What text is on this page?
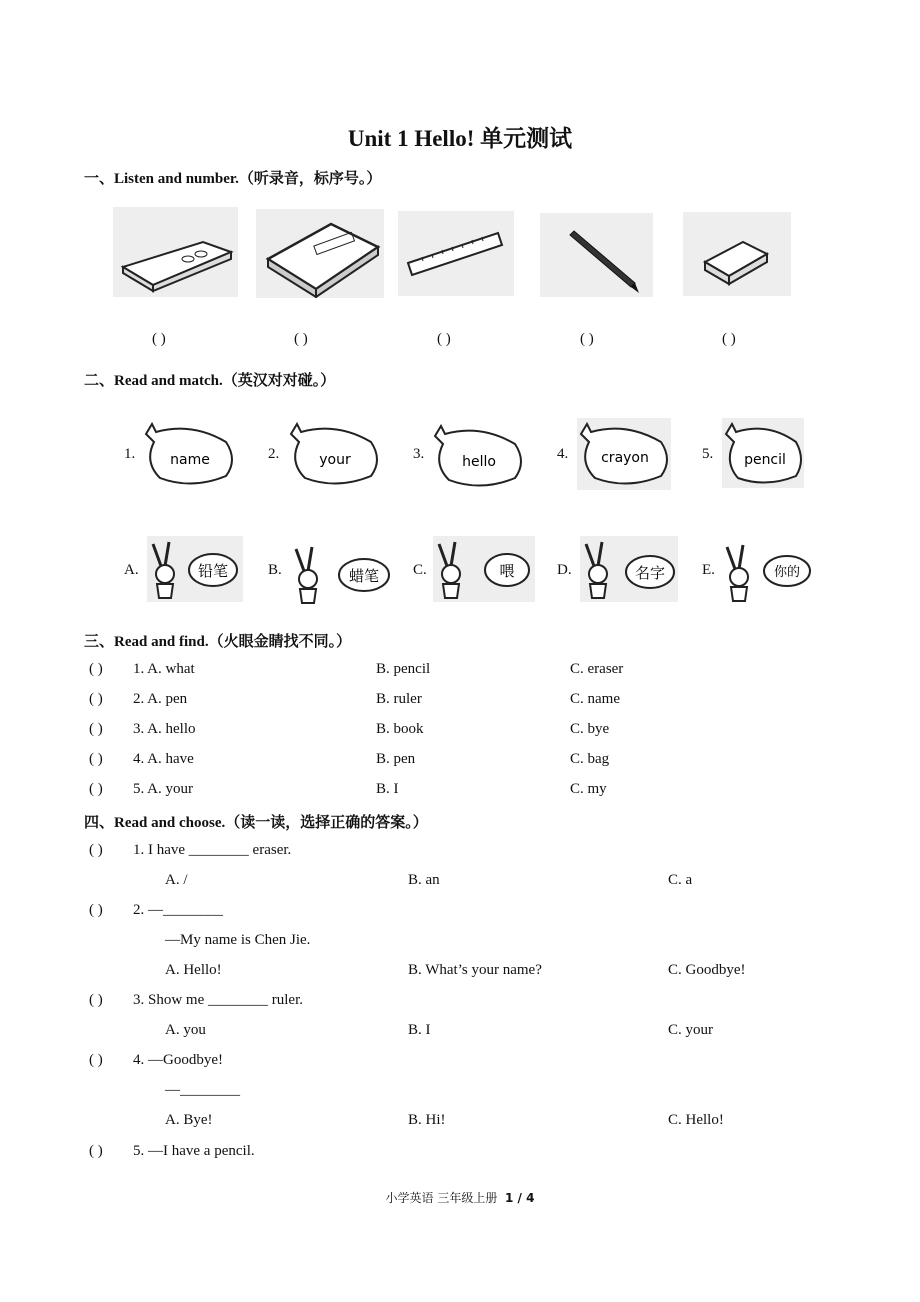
Unit 1 Hello! 单元测试
一、Listen and number.（听录音，标序号。）
( )	( )	( )	( )	( )
二、Read and match.（英汉对对碰。）
1.	2.	3.	4.	5.
name	your	hello	crayon	pencil
A.	B.	C.	D.	E.
铅笔	蜡笔	喂	名字	你的
三、Read and find.（火眼金睛找不同。）
( ) 1. A. what	B. pencil	C. eraser
( ) 2. A. pen	B. ruler	C. name
( ) 3. A. hello	B. book	C. bye
( ) 4. A. have	B. pen	C. bag
( ) 5. A. your	B. I	C. my
四、Read and choose.（读一读，选择正确的答案。）
( ) 1. I have ________ eraser.
A. /	B. an	C. a
( ) 2. —________
—My name is Chen Jie.
A. Hello!	B. What’s your name?	C. Goodbye!
( ) 3. Show me ________ ruler.
A. you	B. I	C. your
( ) 4. —Goodbye!
—________
A. Bye!	B. Hi!	C. Hello!
( ) 5. —I have a pencil.
小学英语 三年级上册 1 / 4
